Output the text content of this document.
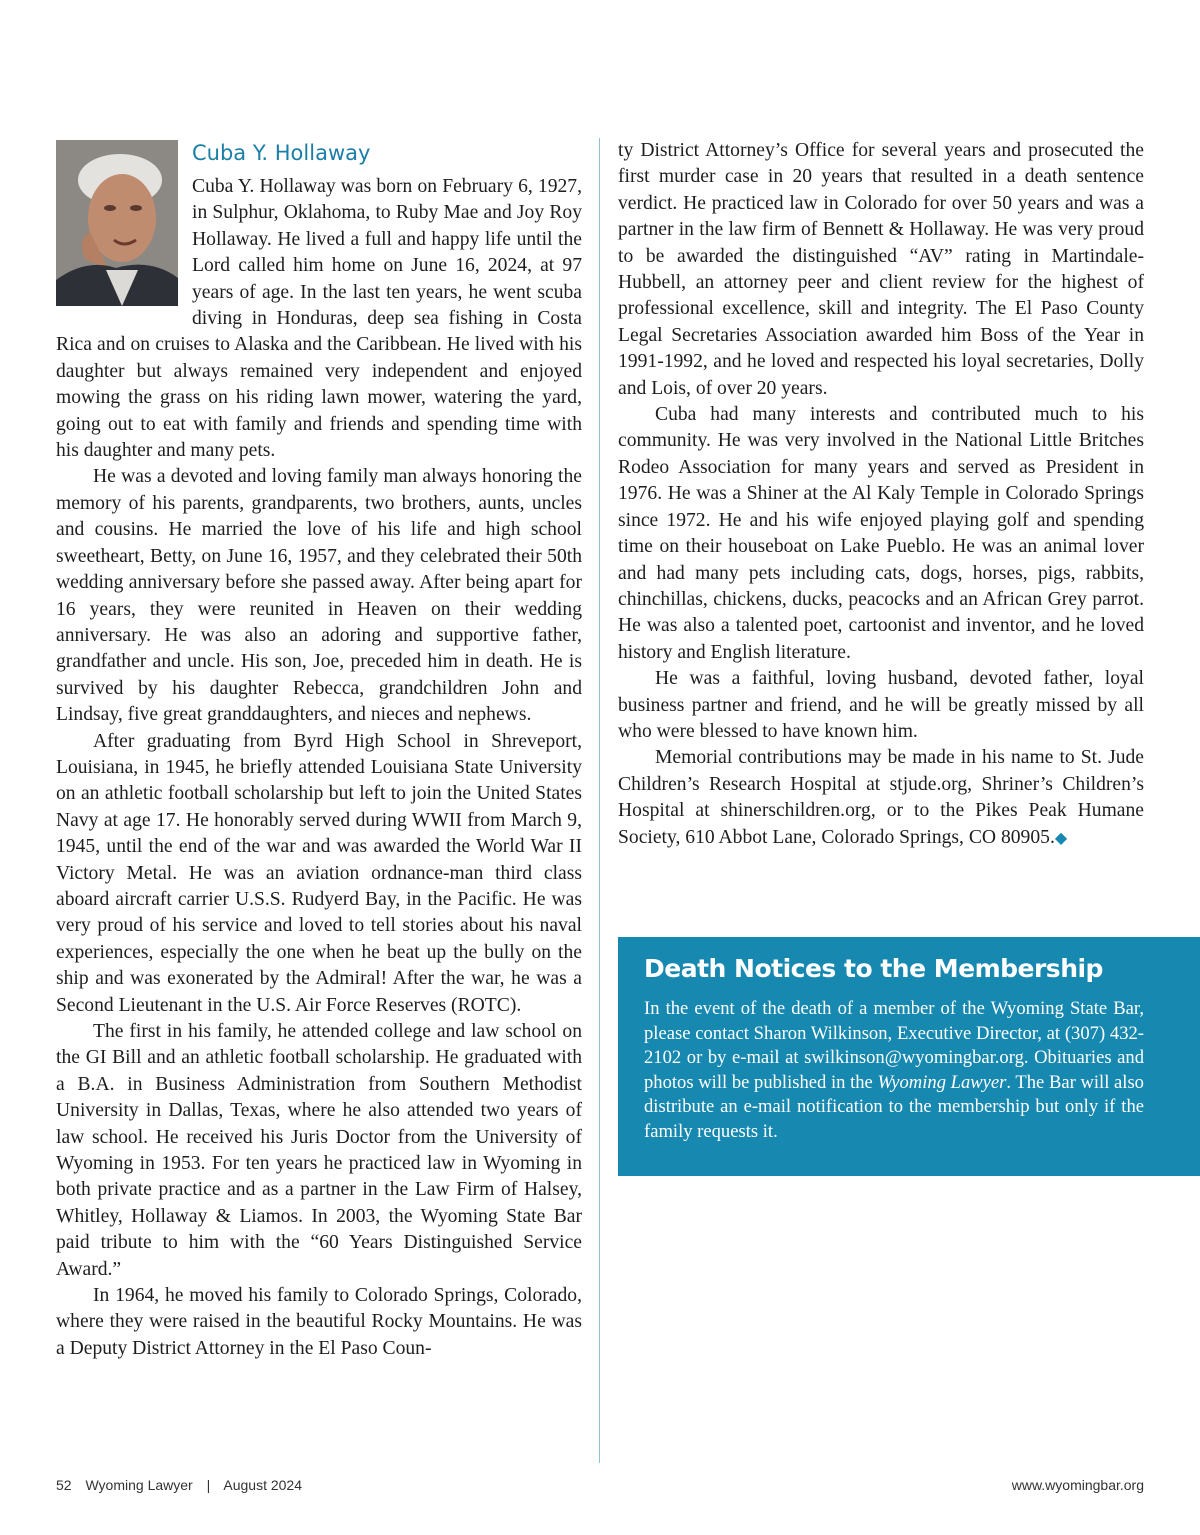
Cuba Y. Hollaway

Cuba Y. Hollaway was born on February 6, 1927, in Sulphur, Oklahoma, to Ruby Mae and Joy Roy Hollaway. He lived a full and happy life until the Lord called him home on June 16, 2024, at 97 years of age. In the last ten years, he went scuba diving in Honduras, deep sea fishing in Costa Rica and on cruises to Alaska and the Caribbean. He lived with his daughter but always remained very independent and enjoyed mowing the grass on his riding lawn mower, watering the yard, going out to eat with family and friends and spending time with his daughter and many pets.

He was a devoted and loving family man always honoring the memory of his parents, grandparents, two brothers, aunts, uncles and cousins. He married the love of his life and high school sweetheart, Betty, on June 16, 1957, and they celebrated their 50th wedding anniversary before she passed away. After being apart for 16 years, they were reunited in Heaven on their wedding anniversary. He was also an adoring and supportive father, grandfather and uncle. His son, Joe, preceded him in death. He is survived by his daughter Rebecca, grandchildren John and Lindsay, five great granddaughters, and nieces and nephews.

After graduating from Byrd High School in Shreveport, Louisiana, in 1945, he briefly attended Louisiana State University on an athletic football scholarship but left to join the United States Navy at age 17. He honorably served during WWII from March 9, 1945, until the end of the war and was awarded the World War II Victory Metal. He was an aviation ordnance-man third class aboard aircraft carrier U.S.S. Rudyerd Bay, in the Pacific. He was very proud of his service and loved to tell stories about his naval experiences, especially the one when he beat up the bully on the ship and was exonerated by the Admiral! After the war, he was a Second Lieutenant in the U.S. Air Force Reserves (ROTC).

The first in his family, he attended college and law school on the GI Bill and an athletic football scholarship. He graduated with a B.A. in Business Administration from Southern Methodist University in Dallas, Texas, where he also attended two years of law school. He received his Juris Doctor from the University of Wyoming in 1953. For ten years he practiced law in Wyoming in both private practice and as a partner in the Law Firm of Halsey, Whitley, Hollaway & Liamos. In 2003, the Wyoming State Bar paid tribute to him with the “60 Years Distinguished Service Award.”

In 1964, he moved his family to Colorado Springs, Colorado, where they were raised in the beautiful Rocky Mountains. He was a Deputy District Attorney in the El Paso Coun-

ty District Attorney’s Office for several years and prosecuted the first murder case in 20 years that resulted in a death sentence verdict. He practiced law in Colorado for over 50 years and was a partner in the law firm of Bennett & Hollaway. He was very proud to be awarded the distinguished “AV” rating in Martindale-Hubbell, an attorney peer and client review for the highest of professional excellence, skill and integrity. The El Paso County Legal Secretaries Association awarded him Boss of the Year in 1991-1992, and he loved and respected his loyal secretaries, Dolly and Lois, of over 20 years.

Cuba had many interests and contributed much to his community. He was very involved in the National Little Britches Rodeo Association for many years and served as President in 1976. He was a Shiner at the Al Kaly Temple in Colorado Springs since 1972. He and his wife enjoyed playing golf and spending time on their houseboat on Lake Pueblo. He was an animal lover and had many pets including cats, dogs, horses, pigs, rabbits, chinchillas, chickens, ducks, peacocks and an African Grey parrot. He was also a talented poet, cartoonist and inventor, and he loved history and English literature.

He was a faithful, loving husband, devoted father, loyal business partner and friend, and he will be greatly missed by all who were blessed to have known him.

Memorial contributions may be made in his name to St. Jude Children’s Research Hospital at stjude.org, Shriner’s Children’s Hospital at shinerschildren.org, or to the Pikes Peak Humane Society, 610 Abbot Lane, Colorado Springs, CO 80905.◆

Death Notices to the Membership

In the event of the death of a member of the Wyoming State Bar, please contact Sharon Wilkinson, Executive Director, at (307) 432-2102 or by e-mail at swilkinson@wyomingbar.org. Obituaries and photos will be published in the Wyoming Lawyer. The Bar will also distribute an e-mail notification to the membership but only if the family requests it.

52 Wyoming Lawyer | August 2024	www.wyomingbar.org
